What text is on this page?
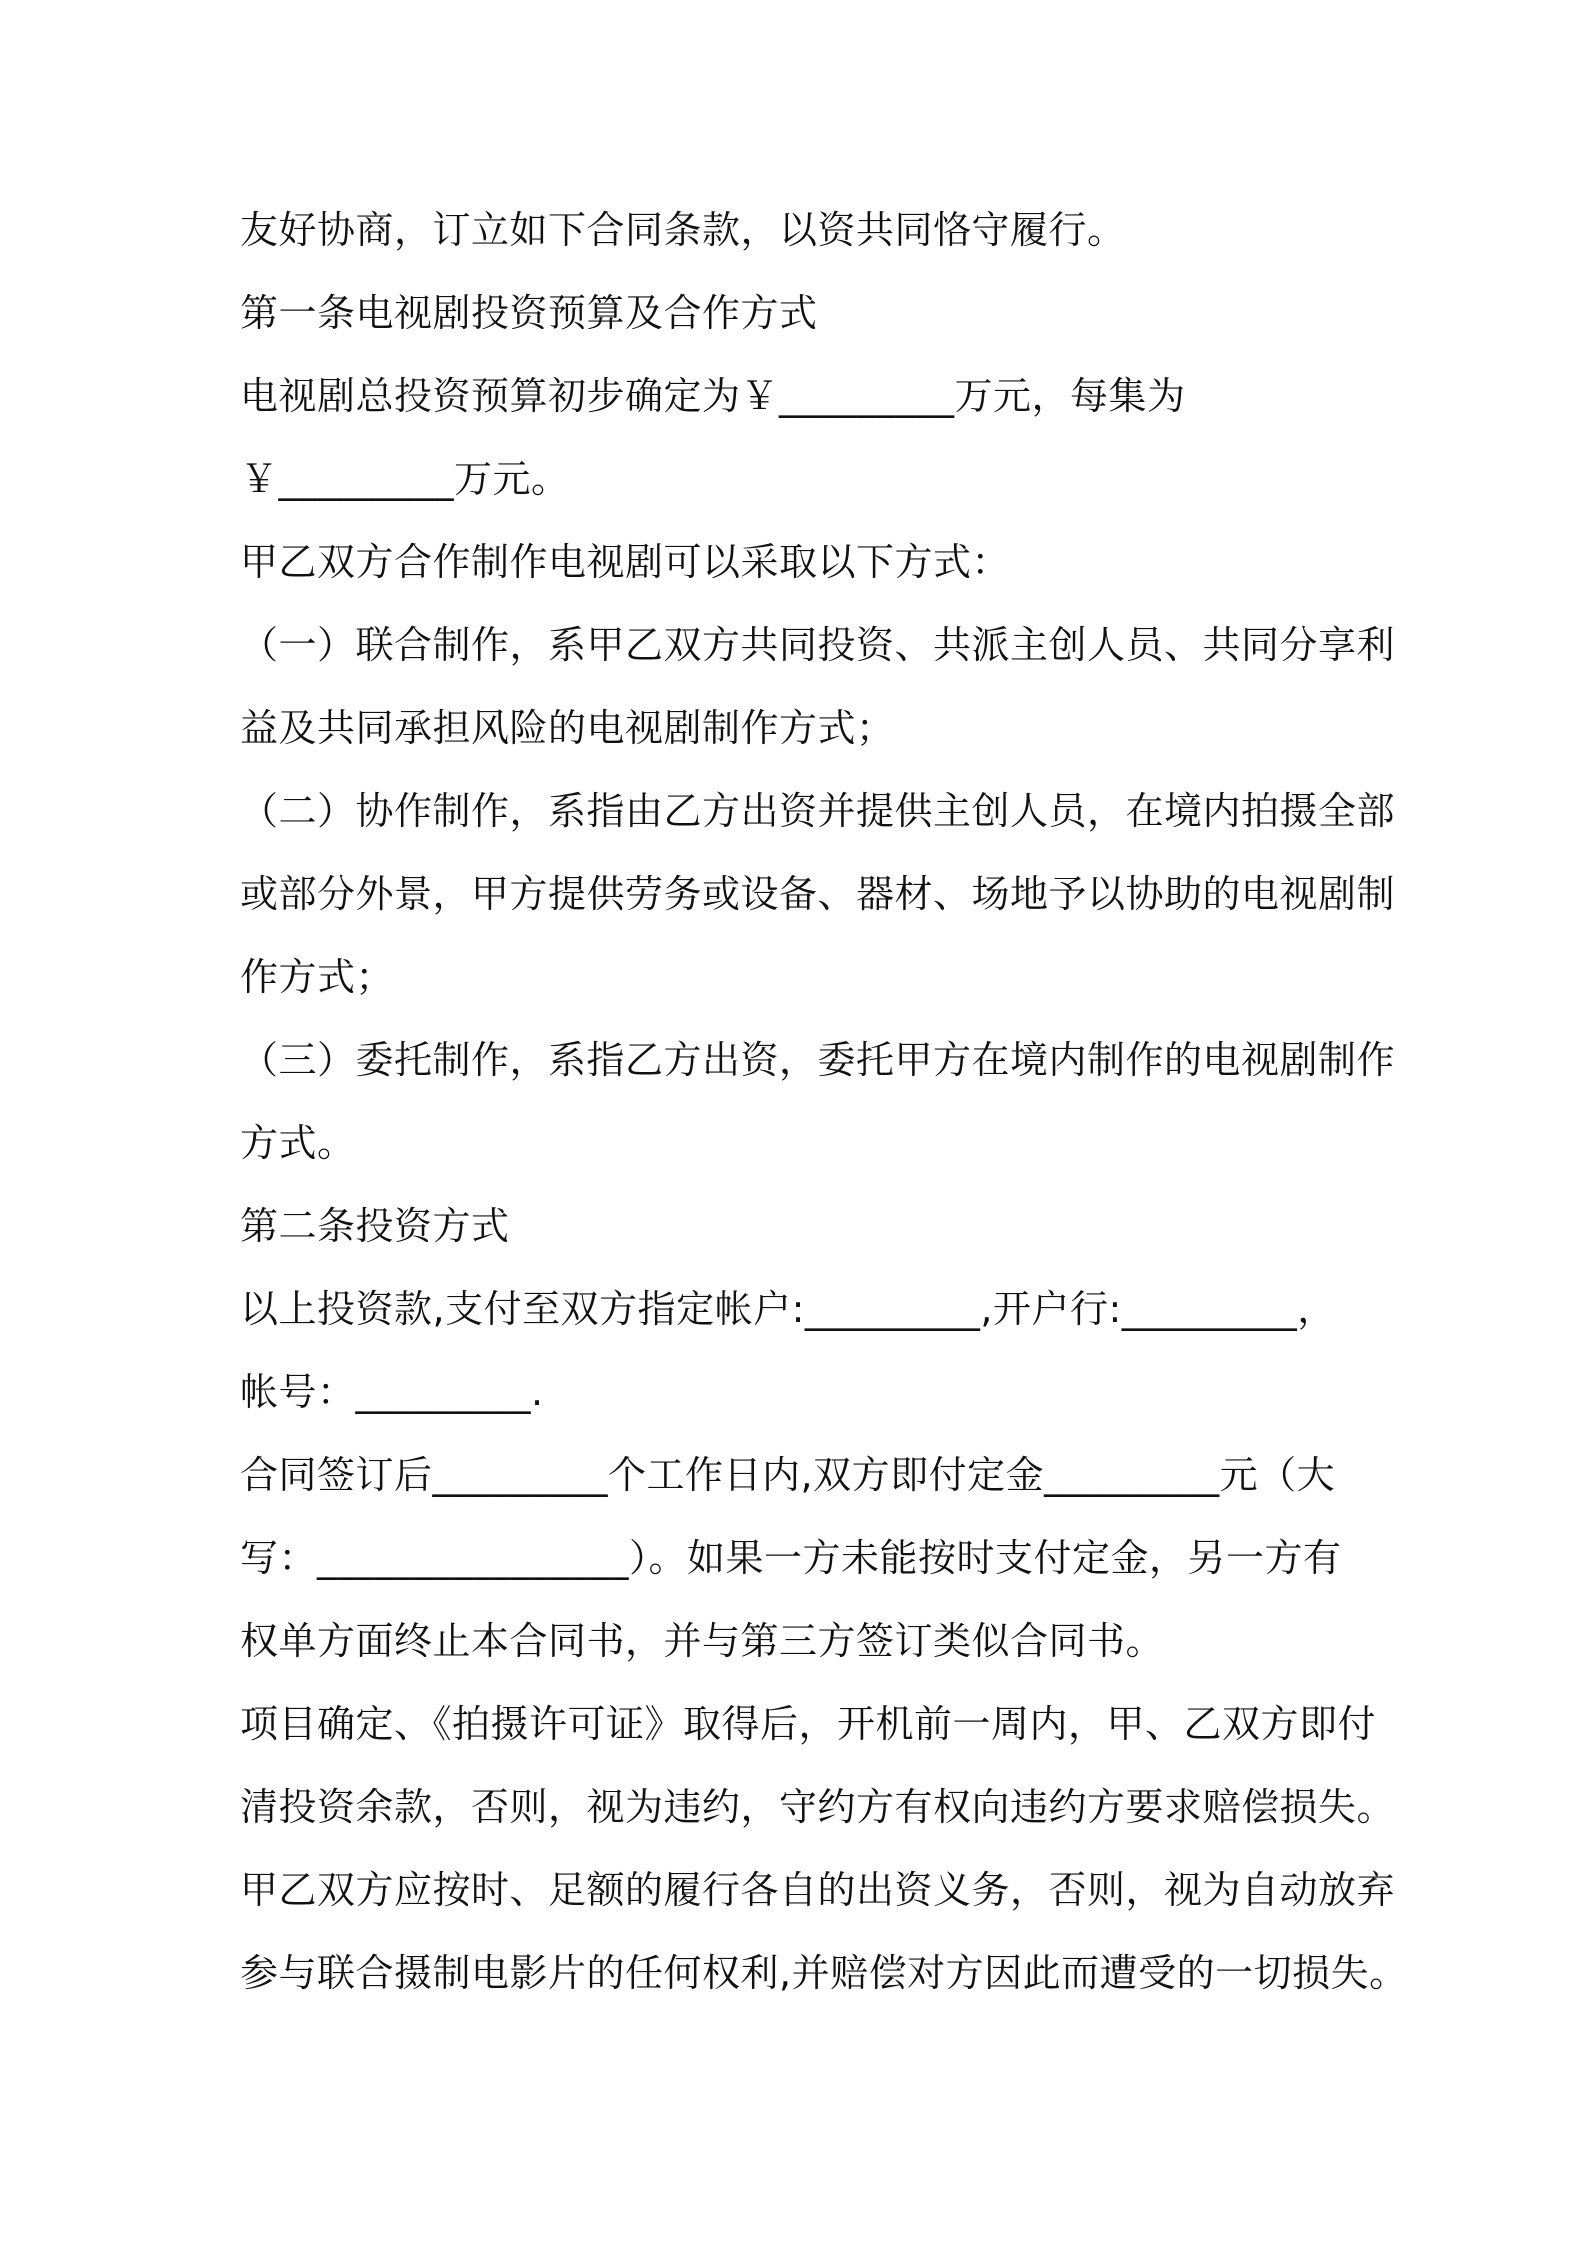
友好协商，订立如下合同条款，以资共同恪守履行。
第一条电视剧投资预算及合作方式
电视剧总投资预算初步确定为￥_________万元，每集为
￥_________万元。
甲乙双方合作制作电视剧可以采取以下方式：
（一）联合制作，系甲乙双方共同投资、共派主创人员、共同分享利
益及共同承担风险的电视剧制作方式；
（二）协作制作，系指由乙方出资并提供主创人员，在境内拍摄全部
或部分外景，甲方提供劳务或设备、器材、场地予以协助的电视剧制
作方式；
（三）委托制作，系指乙方出资，委托甲方在境内制作的电视剧制作
方式。
第二条投资方式
以上投资款,支付至双方指定帐户:_________,开户行:_________，
帐号：_________.
合同签订后_________个工作日内,双方即付定金_________元（大
写：________________）。如果一方未能按时支付定金，另一方有
权单方面终止本合同书，并与第三方签订类似合同书。
项目确定、《拍摄许可证》取得后，开机前一周内，甲、乙双方即付
清投资余款，否则，视为违约，守约方有权向违约方要求赔偿损失。
甲乙双方应按时、足额的履行各自的出资义务，否则，视为自动放弃
参与联合摄制电影片的任何权利,并赔偿对方因此而遭受的一切损失。
